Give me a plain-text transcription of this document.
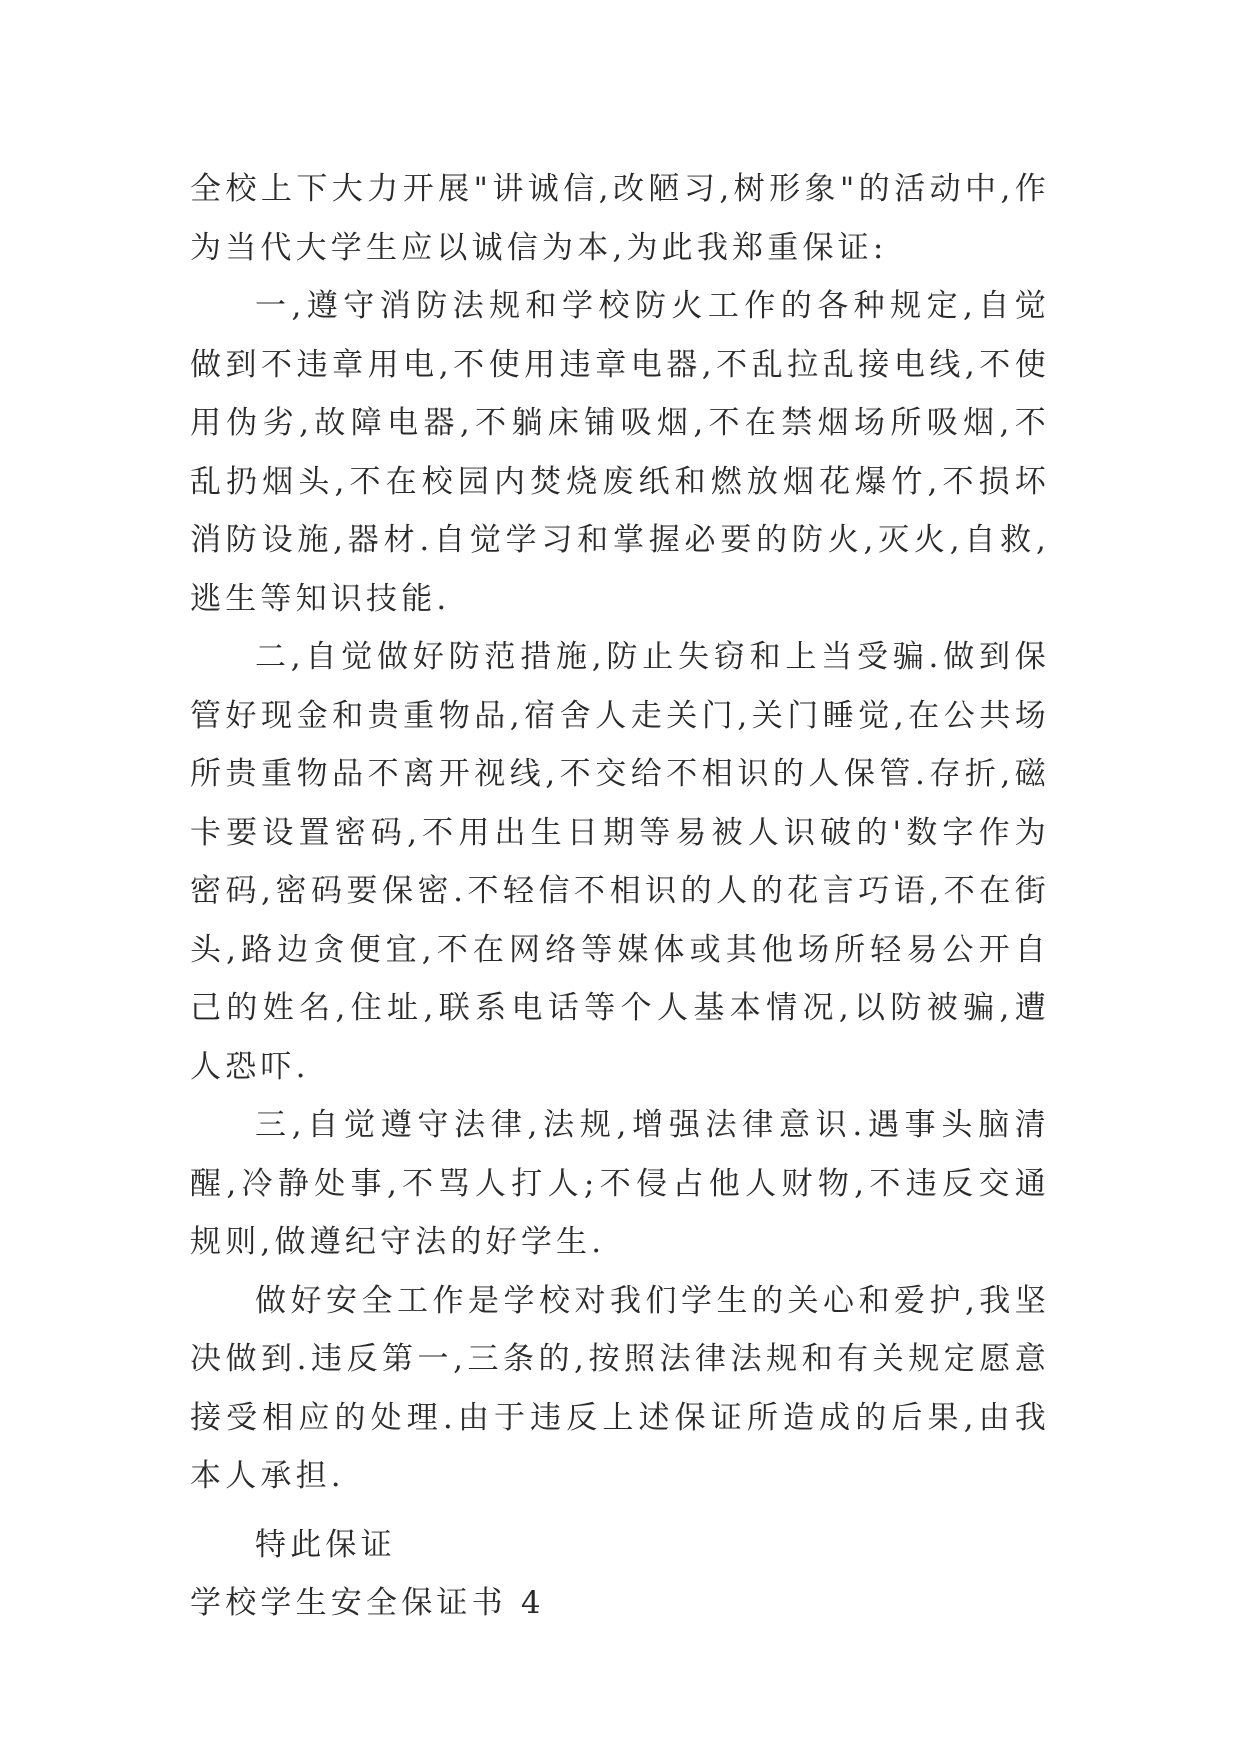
全校上下大力开展"讲诚信,改陋习,树形象"的活动中,作为当代大学生应以诚信为本,为此我郑重保证:

一,遵守消防法规和学校防火工作的各种规定,自觉做到不违章用电,不使用违章电器,不乱拉乱接电线,不使用伪劣,故障电器,不躺床铺吸烟,不在禁烟场所吸烟,不乱扔烟头,不在校园内焚烧废纸和燃放烟花爆竹,不损坏消防设施,器材.自觉学习和掌握必要的防火,灭火,自救,逃生等知识技能.

二,自觉做好防范措施,防止失窃和上当受骗.做到保管好现金和贵重物品,宿舍人走关门,关门睡觉,在公共场所贵重物品不离开视线,不交给不相识的人保管.存折,磁卡要设置密码,不用出生日期等易被人识破的'数字作为密码,密码要保密.不轻信不相识的人的花言巧语,不在街头,路边贪便宜,不在网络等媒体或其他场所轻易公开自己的姓名,住址,联系电话等个人基本情况,以防被骗,遭人恐吓.

三,自觉遵守法律,法规,增强法律意识.遇事头脑清醒,冷静处事,不骂人打人;不侵占他人财物,不违反交通规则,做遵纪守法的好学生.

做好安全工作是学校对我们学生的关心和爱护,我坚决做到.违反第一,三条的,按照法律法规和有关规定愿意接受相应的处理.由于违反上述保证所造成的后果,由我本人承担.

特此保证

学校学生安全保证书 4
